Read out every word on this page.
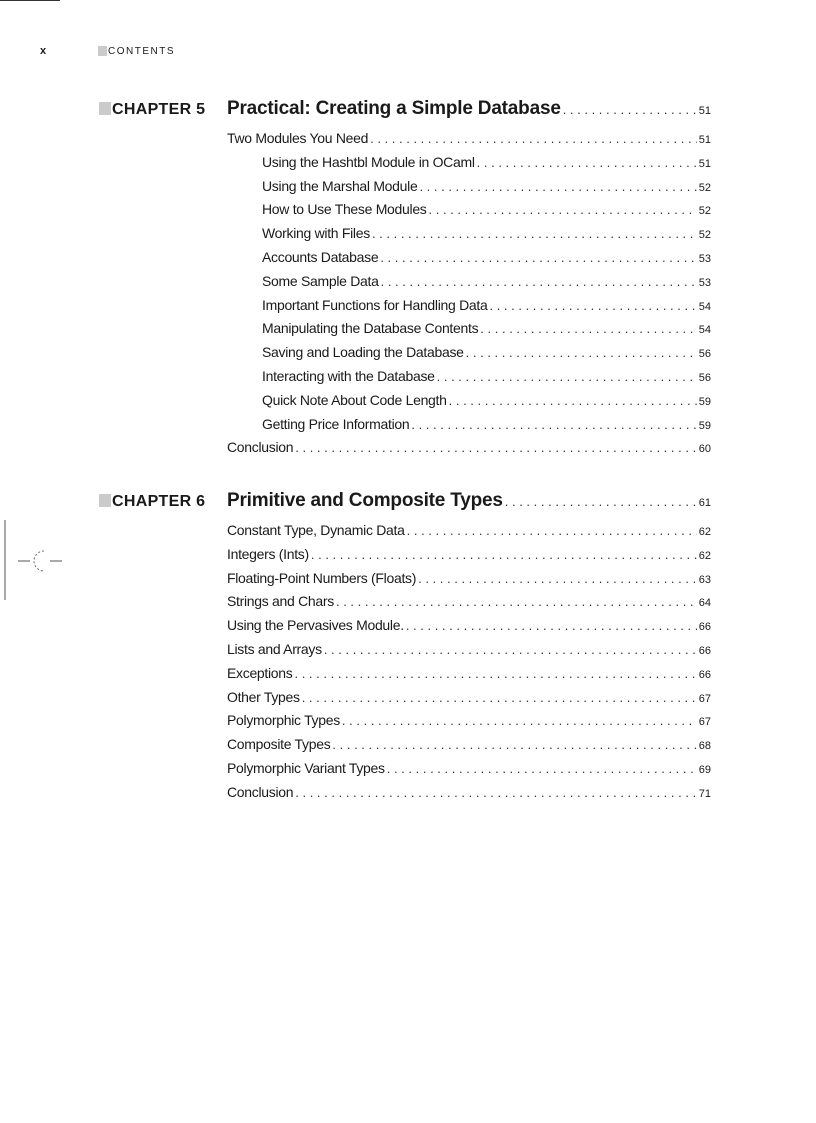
x	CONTENTS
CHAPTER 5	Practical: Creating a Simple Database . . .	51
Two Modules You Need . . .	51
Using the Hashtbl Module in OCaml . . .	51
Using the Marshal Module . . .	52
How to Use These Modules . . .	52
Working with Files . . .	52
Accounts Database . . .	53
Some Sample Data . . .	53
Important Functions for Handling Data . . .	54
Manipulating the Database Contents . . .	54
Saving and Loading the Database . . .	56
Interacting with the Database . . .	56
Quick Note About Code Length . . .	59
Getting Price Information . . .	59
Conclusion . . .	60
CHAPTER 6	Primitive and Composite Types . . .	61
Constant Type, Dynamic Data . . .	62
Integers (Ints) . . .	62
Floating-Point Numbers (Floats) . . .	63
Strings and Chars . . .	64
Using the Pervasives Module. . . .	66
Lists and Arrays . . .	66
Exceptions . . .	66
Other Types . . .	67
Polymorphic Types . . .	67
Composite Types . . .	68
Polymorphic Variant Types . . .	69
Conclusion . . .	71
